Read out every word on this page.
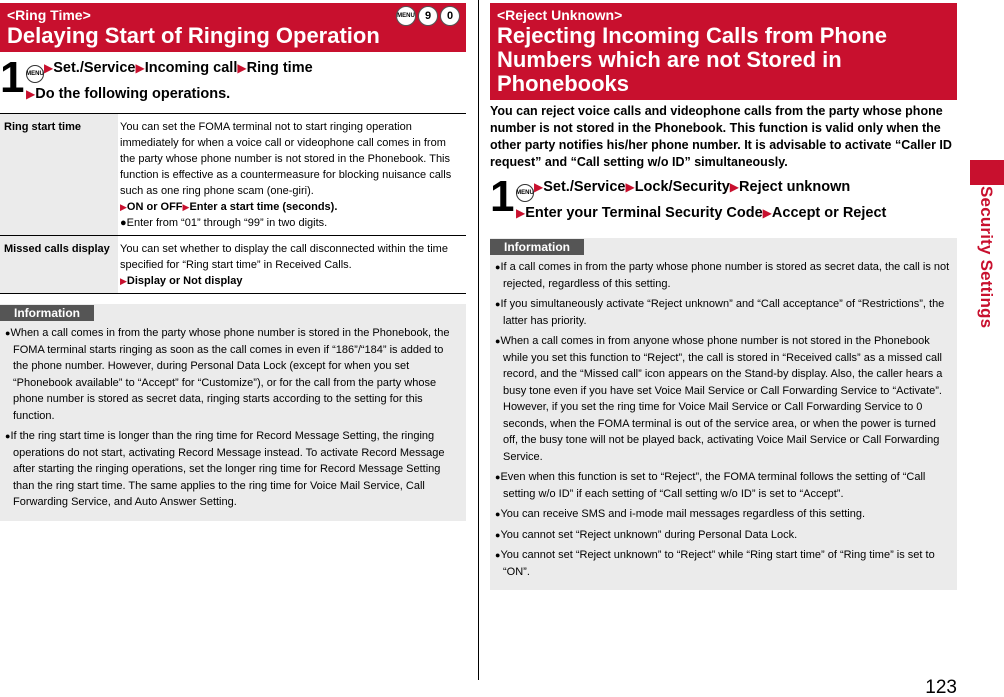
<Ring Time>
Delaying Start of Ringing Operation
MENU 9	0
1 MENU▶Set./Service▶Incoming call▶Ring time
▶Do the following operations.
Ring start time	You can set the FOMA terminal not to start ringing operation immediately for when a voice call or videophone call comes in from the party whose phone number is not stored in the Phonebook. This function is effective as a countermeasure for blocking nuisance calls such as one ring phone scam (one-giri).
▶ON or OFF▶Enter a start time (seconds).
●Enter from “01” through “99” in two digits.

Missed calls display	You can set whether to display the call disconnected within the time specified for “Ring start time” in Received Calls.
▶Display or Not display
Information
●When a call comes in from the party whose phone number is stored in the Phonebook, the FOMA terminal starts ringing as soon as the call comes in even if “186”/“184” is added to the phone number. However, during Personal Data Lock (except for when you set “Phonebook available” to “Accept” for “Customize”), or for the call from the party whose phone number is stored as secret data, ringing starts according to the setting for this function.
●If the ring start time is longer than the ring time for Record Message Setting, the ringing operations do not start, activating Record Message instead. To activate Record Message after starting the ringing operations, set the longer ring time for Record Message Setting than the ring start time. The same applies to the ring time for Voice Mail Service, Call Forwarding Service, and Auto Answer Setting.
<Reject Unknown>
Rejecting Incoming Calls from Phone Numbers which are not Stored in Phonebooks
You can reject voice calls and videophone calls from the party whose phone number is not stored in the Phonebook. This function is valid only when the other party notifies his/her phone number. It is advisable to activate “Caller ID request” and “Call setting w/o ID” simultaneously.
1 MENU▶Set./Service▶Lock/Security▶Reject unknown
▶Enter your Terminal Security Code▶Accept or Reject
Information
●If a call comes in from the party whose phone number is stored as secret data, the call is not rejected, regardless of this setting.
●If you simultaneously activate “Reject unknown” and “Call acceptance” of “Restrictions”, the latter has priority.
●When a call comes in from anyone whose phone number is not stored in the Phonebook while you set this function to “Reject”, the call is stored in “Received calls” as a missed call record, and the “Missed call” icon appears on the Stand-by display. Also, the caller hears a busy tone even if you have set Voice Mail Service or Call Forwarding Service to “Activate”. However, if you set the ring time for Voice Mail Service or Call Forwarding Service to 0 seconds, when the FOMA terminal is out of the service area, or when the power is turned off, the busy tone will not be played back, activating Voice Mail Service or Call Forwarding Service.
●Even when this function is set to “Reject”, the FOMA terminal follows the setting of “Call setting w/o ID” if each setting of “Call setting w/o ID” is set to “Accept”.
●You can receive SMS and i-mode mail messages regardless of this setting.
●You cannot set “Reject unknown” during Personal Data Lock.
●You cannot set “Reject unknown” to “Reject” while “Ring start time” of “Ring time” is set to “ON”.
Security Settings
123
